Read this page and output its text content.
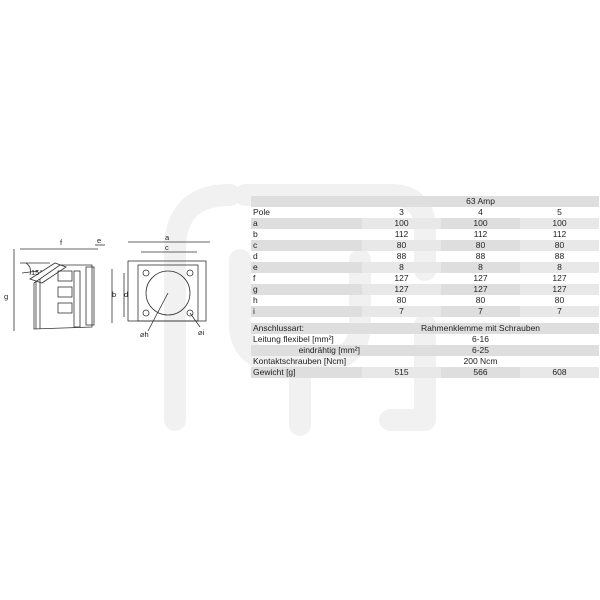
f	e
g
15°
a
c
b d
⌀h	⌀i
	63 Amp		
Pole	3	4	5
a	100	100	100
b	112	112	112
c	80	80	80
d	88	88	88
e	8	8	8
f	127	127	127
g	127	127	127
h	80	80	80
i	7	7	7

Anschlussart:	Rahmenklemme mit Schrauben		
Leitung flexibel [mm²]	6-16		
eindrähtig [mm²]	6-25		
Kontaktschrauben [Ncm]	200 Ncm		
Gewicht [g]	515	566	608
